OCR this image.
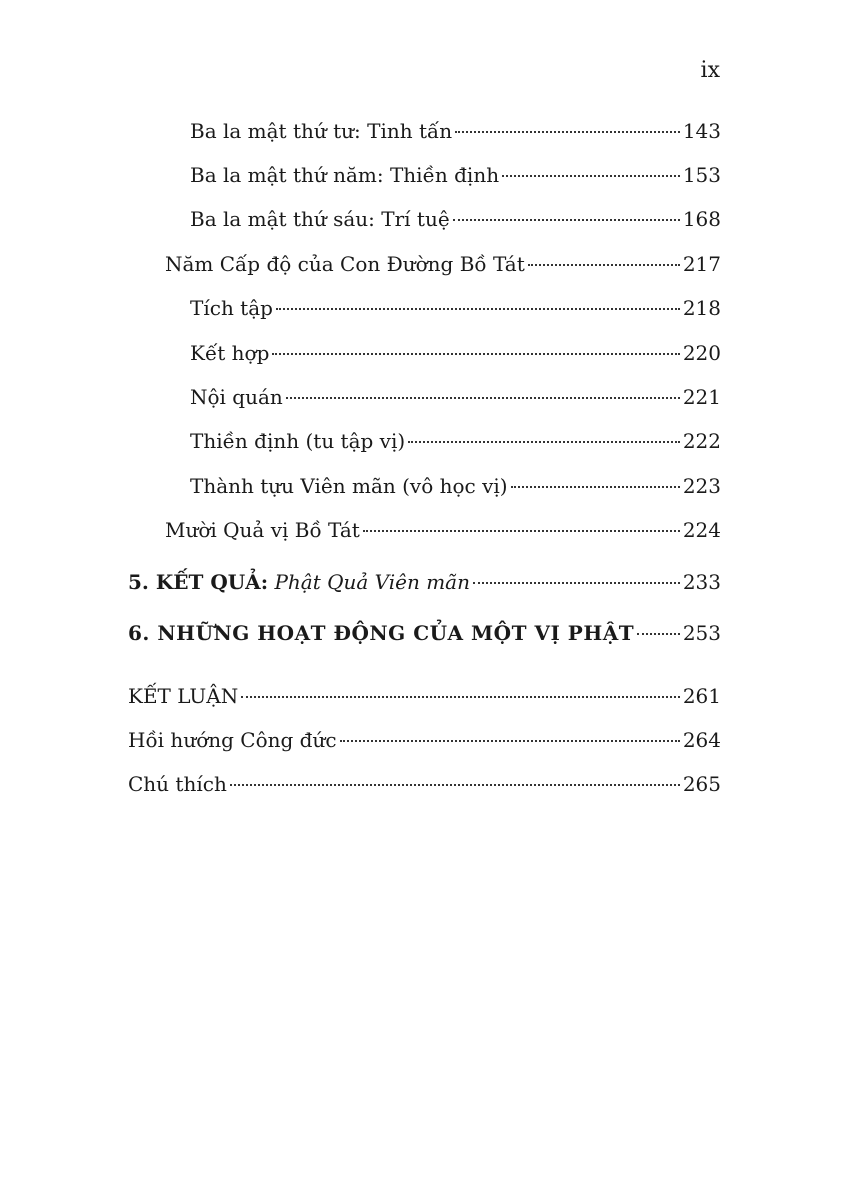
ix
Ba la mật thứ tư: Tinh tấn	143
Ba la mật thứ năm: Thiền định	153
Ba la mật thứ sáu: Trí tuệ	168
Năm Cấp độ của Con Đường Bồ Tát	217
Tích tập	218
Kết hợp	220
Nội quán	221
Thiền định (tu tập vị)	222
Thành tựu Viên mãn (vô học vị)	223
Mười Quả vị Bồ Tát	224
5. KẾT QUẢ: Phật Quả Viên mãn	233
6. NHỮNG HOẠT ĐỘNG CỦA MỘT VỊ PHẬT 253
KẾT LUẬN	261
Hồi hướng Công đức	264
Chú thích	265
